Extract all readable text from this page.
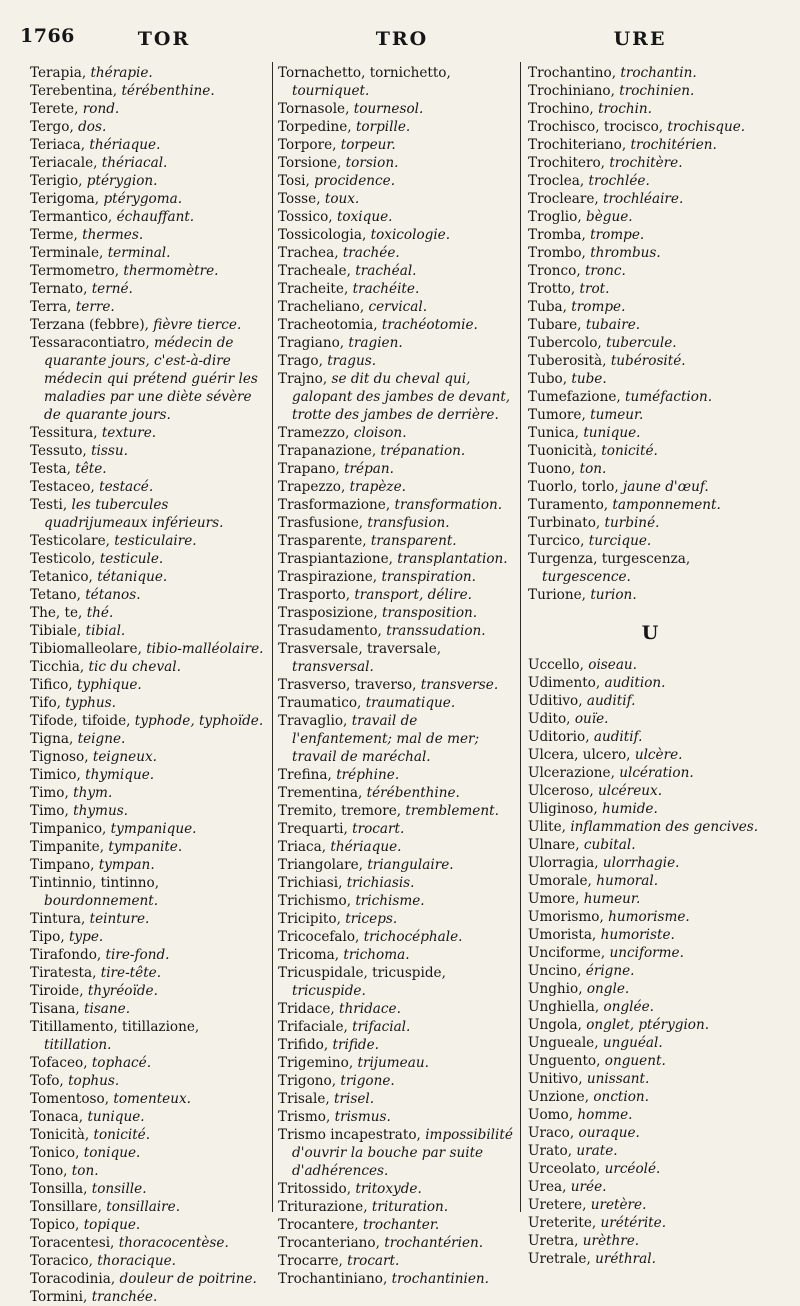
1766	TOR	TRO	URE
Terapia, thérapie.
Terebentina, térébenthine.
Terete, rond.
Tergo, dos.
Teriaca, thériaque.
Teriacale, thériacal.
Terigio, ptérygion.
Terigoma, ptérygoma.
Termantico, échauffant.
Terme, thermes.
Terminale, terminal.
Termometro, thermomètre.
Ternato, terné.
Terra, terre.
Terzana (febbre), fièvre tierce.
Tessaracontiatro, médecin de quarante jours, c'est-à-dire médecin qui prétend guérir les maladies par une diète sévère de quarante jours.
Tessitura, texture.
Tessuto, tissu.
Testa, tête.
Testaceo, testacé.
Testi, les tubercules quadrijumeaux inférieurs.
Testicolare, testiculaire.
Testicolo, testicule.
Tetanico, tétanique.
Tetano, tétanos.
The, te, thé.
Tibiale, tibial.
Tibiomalleolare, tibio-malléolaire.
Ticchia, tic du cheval.
Tifico, typhique.
Tifo, typhus.
Tifode, tifoide, typhode, typhoïde.
Tigna, teigne.
Tignoso, teigneux.
Timico, thymique.
Timo, thym.
Timo, thymus.
Timpanico, tympanique.
Timpanite, tympanite.
Timpano, tympan.
Tintinnio, tintinno, bourdonnement.
Tintura, teinture.
Tipo, type.
Tirafondo, tire-fond.
Tiratesta, tire-tête.
Tiroide, thyréoïde.
Tisana, tisane.
Titillamento, titillazione, titillation.
Tofaceo, tophacé.
Tofo, tophus.
Tomentoso, tomenteux.
Tonaca, tunique.
Tonicità, tonicité.
Tonico, tonique.
Tono, ton.
Tonsilla, tonsille.
Tonsillare, tonsillaire.
Topico, topique.
Toracentesi, thoracocentèse.
Toracico, thoracique.
Toracodinia, douleur de poitrine.
Tormini, tranchée.
Tornachetto, tornichetto, tourniquet.
Tornasole, tournesol.
Torpedine, torpille.
Torpore, torpeur.
Torsione, torsion.
Tosi, procidence.
Tosse, toux.
Tossico, toxique.
Tossicologia, toxicologie.
Trachea, trachée.
Tracheale, trachéal.
Tracheite, trachéite.
Tracheliano, cervical.
Tracheotomia, trachéotomie.
Tragiano, tragien.
Trago, tragus.
Trajno, se dit du cheval qui, galopant des jambes de devant, trotte des jambes de derrière.
Tramezzo, cloison.
Trapanazione, trépanation.
Trapano, trépan.
Trapezzo, trapèze.
Trasformazione, transformation.
Trasfusione, transfusion.
Trasparente, transparent.
Traspiantazione, transplantation.
Traspirazione, transpiration.
Trasporto, transport, délire.
Trasposizione, transposition.
Trasudamento, transsudation.
Trasversale, traversale, transversal.
Trasverso, traverso, transverse.
Traumatico, traumatique.
Travaglio, travail de l'enfantement; mal de mer; travail de maréchal.
Trefina, tréphine.
Trementina, térébenthine.
Tremito, tremore, tremblement.
Trequarti, trocart.
Triaca, thériaque.
Triangolare, triangulaire.
Trichiasi, trichiasis.
Trichismo, trichisme.
Tricipito, triceps.
Tricocefalo, trichocéphale.
Tricoma, trichoma.
Tricuspidale, tricuspide, tricuspide.
Tridace, thridace.
Trifaciale, trifacial.
Trifido, trifide.
Trigemino, trijumeau.
Trigono, trigone.
Trisale, trisel.
Trismo, trismus.
Trismo incapestrato, impossibilité d'ouvrir la bouche par suite d'adhérences.
Tritossido, tritoxyde.
Triturazione, trituration.
Trocantere, trochanter.
Trocanteriano, trochantérien.
Trocarre, trocart.
Trochantiniano, trochantinien.
Trochantino, trochantin.
Trochiniano, trochinien.
Trochino, trochin.
Trochisco, trocisco, trochisque.
Trochiteriano, trochitérien.
Trochitero, trochitère.
Troclea, trochlée.
Trocleare, trochléaire.
Troglio, bègue.
Tromba, trompe.
Trombo, thrombus.
Tronco, tronc.
Trotto, trot.
Tuba, trompe.
Tubare, tubaire.
Tubercolo, tubercule.
Tuberosità, tubérosité.
Tubo, tube.
Tumefazione, tuméfaction.
Tumore, tumeur.
Tunica, tunique.
Tuonicità, tonicité.
Tuono, ton.
Tuorlo, torlo, jaune d'œuf.
Turamento, tamponnement.
Turbinato, turbiné.
Turcico, turcique.
Turgenza, turgescenza, turgescence.
Turione, turion.
U
Uccello, oiseau.
Udimento, audition.
Uditivo, auditif.
Udito, ouïe.
Uditorio, auditif.
Ulcera, ulcero, ulcère.
Ulcerazione, ulcération.
Ulceroso, ulcéreux.
Uliginoso, humide.
Ulite, inflammation des gencives.
Ulnare, cubital.
Ulorragia, ulorrhagie.
Umorale, humoral.
Umore, humeur.
Umorismo, humorisme.
Umorista, humoriste.
Unciforme, unciforme.
Uncino, érigne.
Unghio, ongle.
Unghiella, onglée.
Ungola, onglet, ptérygion.
Ungueale, unguéal.
Unguento, onguent.
Unitivo, unissant.
Unzione, onction.
Uomo, homme.
Uraco, ouraque.
Urato, urate.
Urceolato, urcéolé.
Urea, urée.
Uretere, uretère.
Ureterite, urétérite.
Uretra, urèthre.
Uretrale, uréthral.
